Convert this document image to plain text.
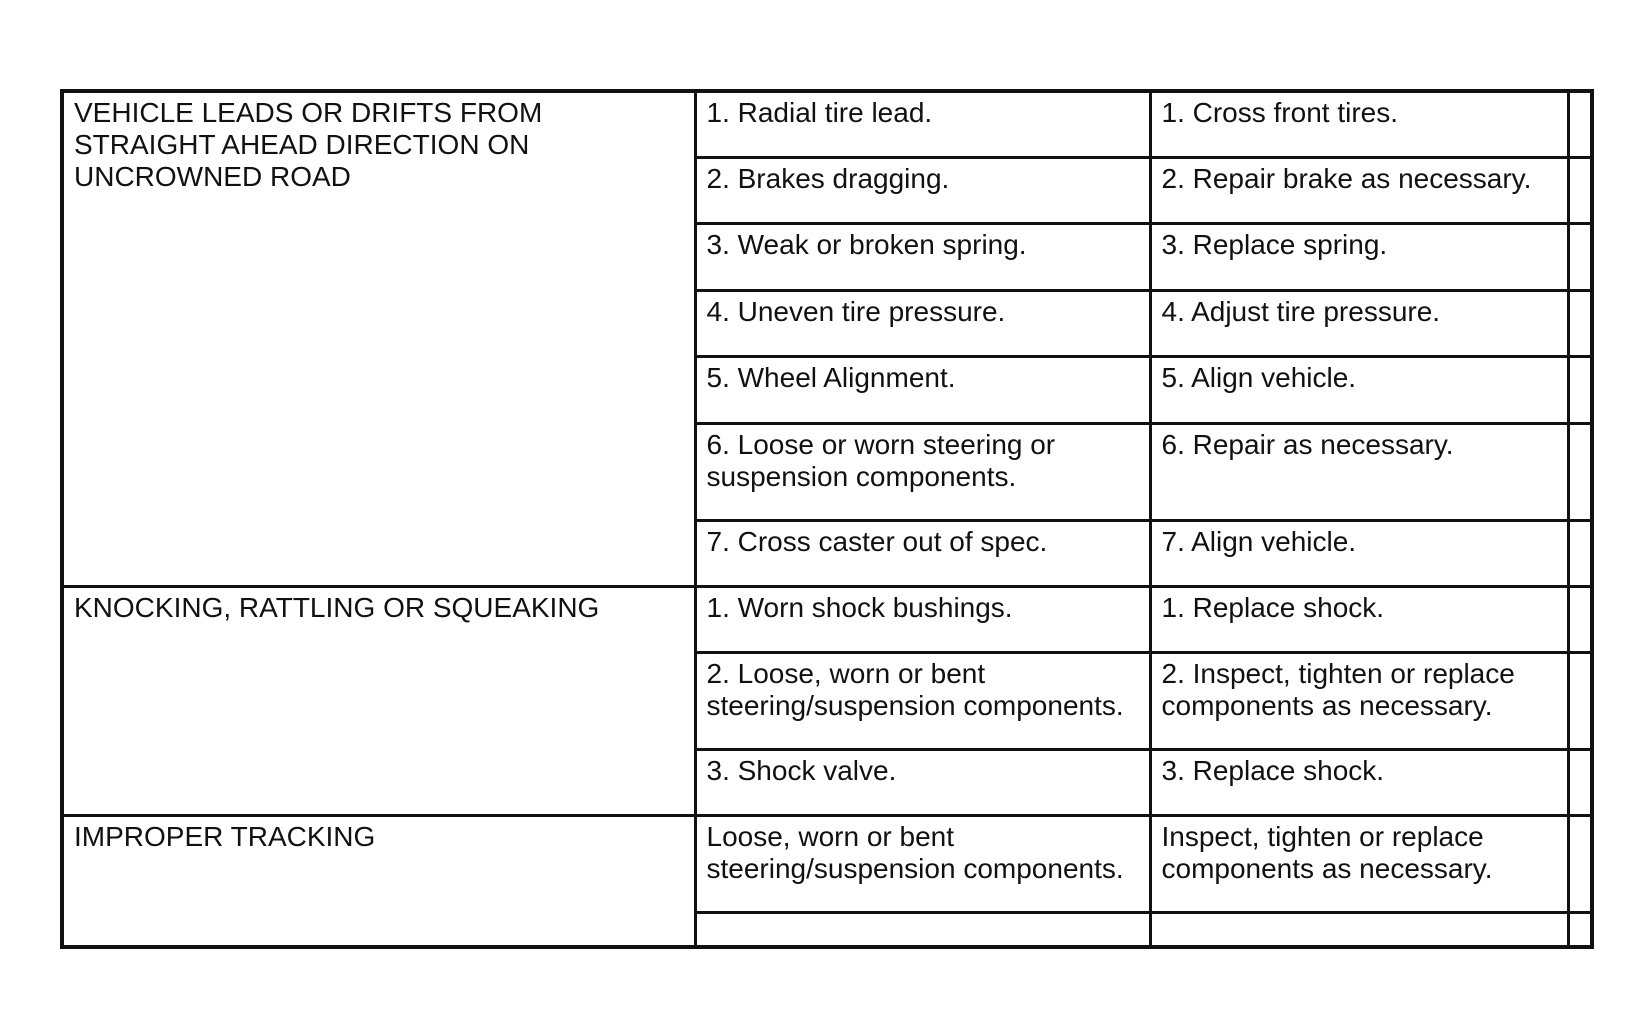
VEHICLE LEADS OR DRIFTS FROM STRAIGHT AHEAD DIRECTION ON UNCROWNED ROAD	1. Radial tire lead.	1. Cross front tires.	
	2. Brakes dragging.	2. Repair brake as necessary.	
	3. Weak or broken spring.	3. Replace spring.	
	4. Uneven tire pressure.	4. Adjust tire pressure.	
	5. Wheel Alignment.	5. Align vehicle.	
	6. Loose or worn steering or suspension components.	6. Repair as necessary.	
	7. Cross caster out of spec.	7. Align vehicle.	
KNOCKING, RATTLING OR SQUEAKING	1. Worn shock bushings.	1. Replace shock.	
	2. Loose, worn or bent steering/suspension components.	2. Inspect, tighten or replace components as necessary.	
	3. Shock valve.	3. Replace shock.	
IMPROPER TRACKING	Loose, worn or bent steering/suspension components.	Inspect, tighten or replace components as necessary.	
